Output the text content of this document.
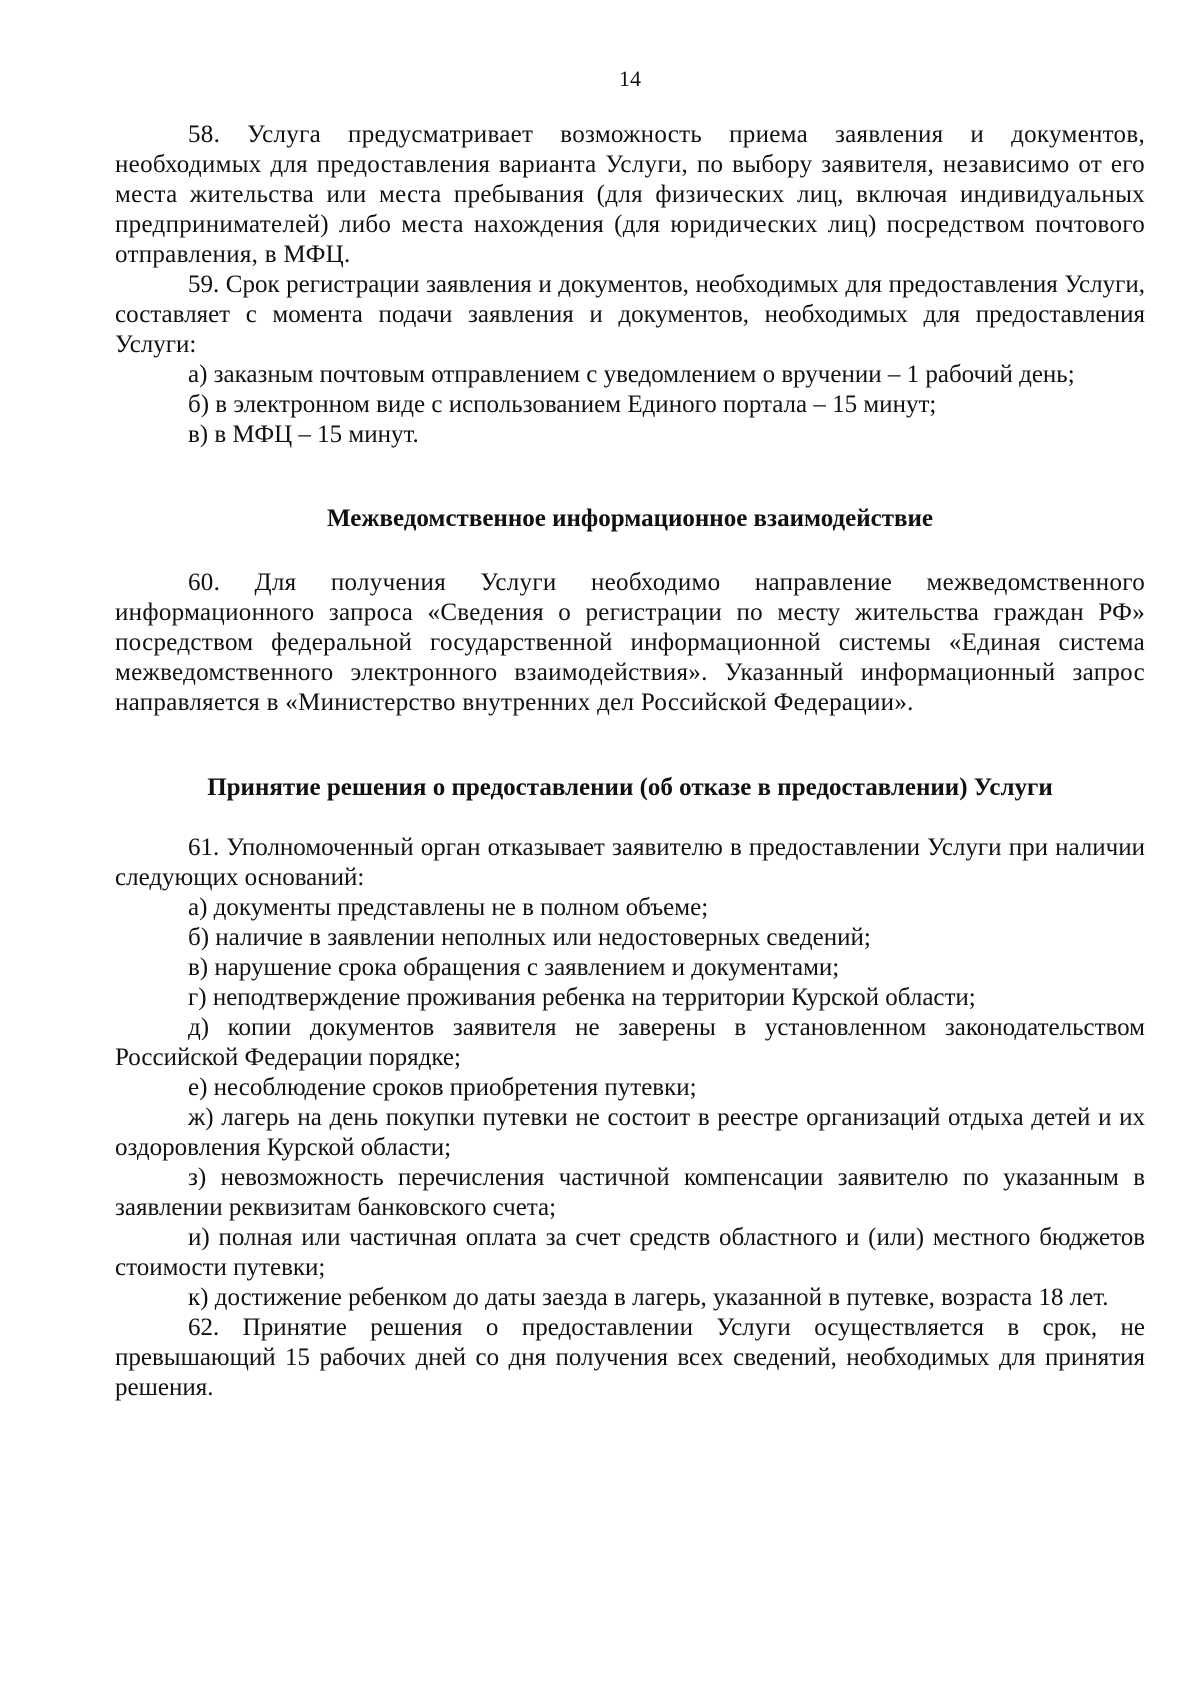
14

58. Услуга предусматривает возможность приема заявления и документов, необходимых для предоставления варианта Услуги, по выбору заявителя, независимо от его места жительства или места пребывания (для физических лиц, включая индивидуальных предпринимателей) либо места нахождения (для юридических лиц) посредством почтового отправления, в МФЦ.

59. Срок регистрации заявления и документов, необходимых для предоставления Услуги, составляет с момента подачи заявления и документов, необходимых для предоставления Услуги:

а) заказным почтовым отправлением с уведомлением о вручении – 1 рабочий день;

б) в электронном виде с использованием Единого портала – 15 минут;

в) в МФЦ – 15 минут.

Межведомственное информационное взаимодействие

60. Для получения Услуги необходимо направление межведомственного информационного запроса «Сведения о регистрации по месту жительства граждан РФ» посредством федеральной государственной информационной системы «Единая система межведомственного электронного взаимодействия». Указанный информационный запрос направляется в «Министерство внутренних дел Российской Федерации».

Принятие решения о предоставлении (об отказе в предоставлении) Услуги

61. Уполномоченный орган отказывает заявителю в предоставлении Услуги при наличии следующих оснований:

а) документы представлены не в полном объеме;

б) наличие в заявлении неполных или недостоверных сведений;

в) нарушение срока обращения с заявлением и документами;

г) неподтверждение проживания ребенка на территории Курской области;

д) копии документов заявителя не заверены в установленном законодательством Российской Федерации порядке;

е) несоблюдение сроков приобретения путевки;

ж) лагерь на день покупки путевки не состоит в реестре организаций отдыха детей и их оздоровления Курской области;

з) невозможность перечисления частичной компенсации заявителю по указанным в заявлении реквизитам банковского счета;

и) полная или частичная оплата за счет средств областного и (или) местного бюджетов стоимости путевки;

к) достижение ребенком до даты заезда в лагерь, указанной в путевке, возраста 18 лет.

62. Принятие решения о предоставлении Услуги осуществляется в срок, не превышающий 15 рабочих дней со дня получения всех сведений, необходимых для принятия решения.
